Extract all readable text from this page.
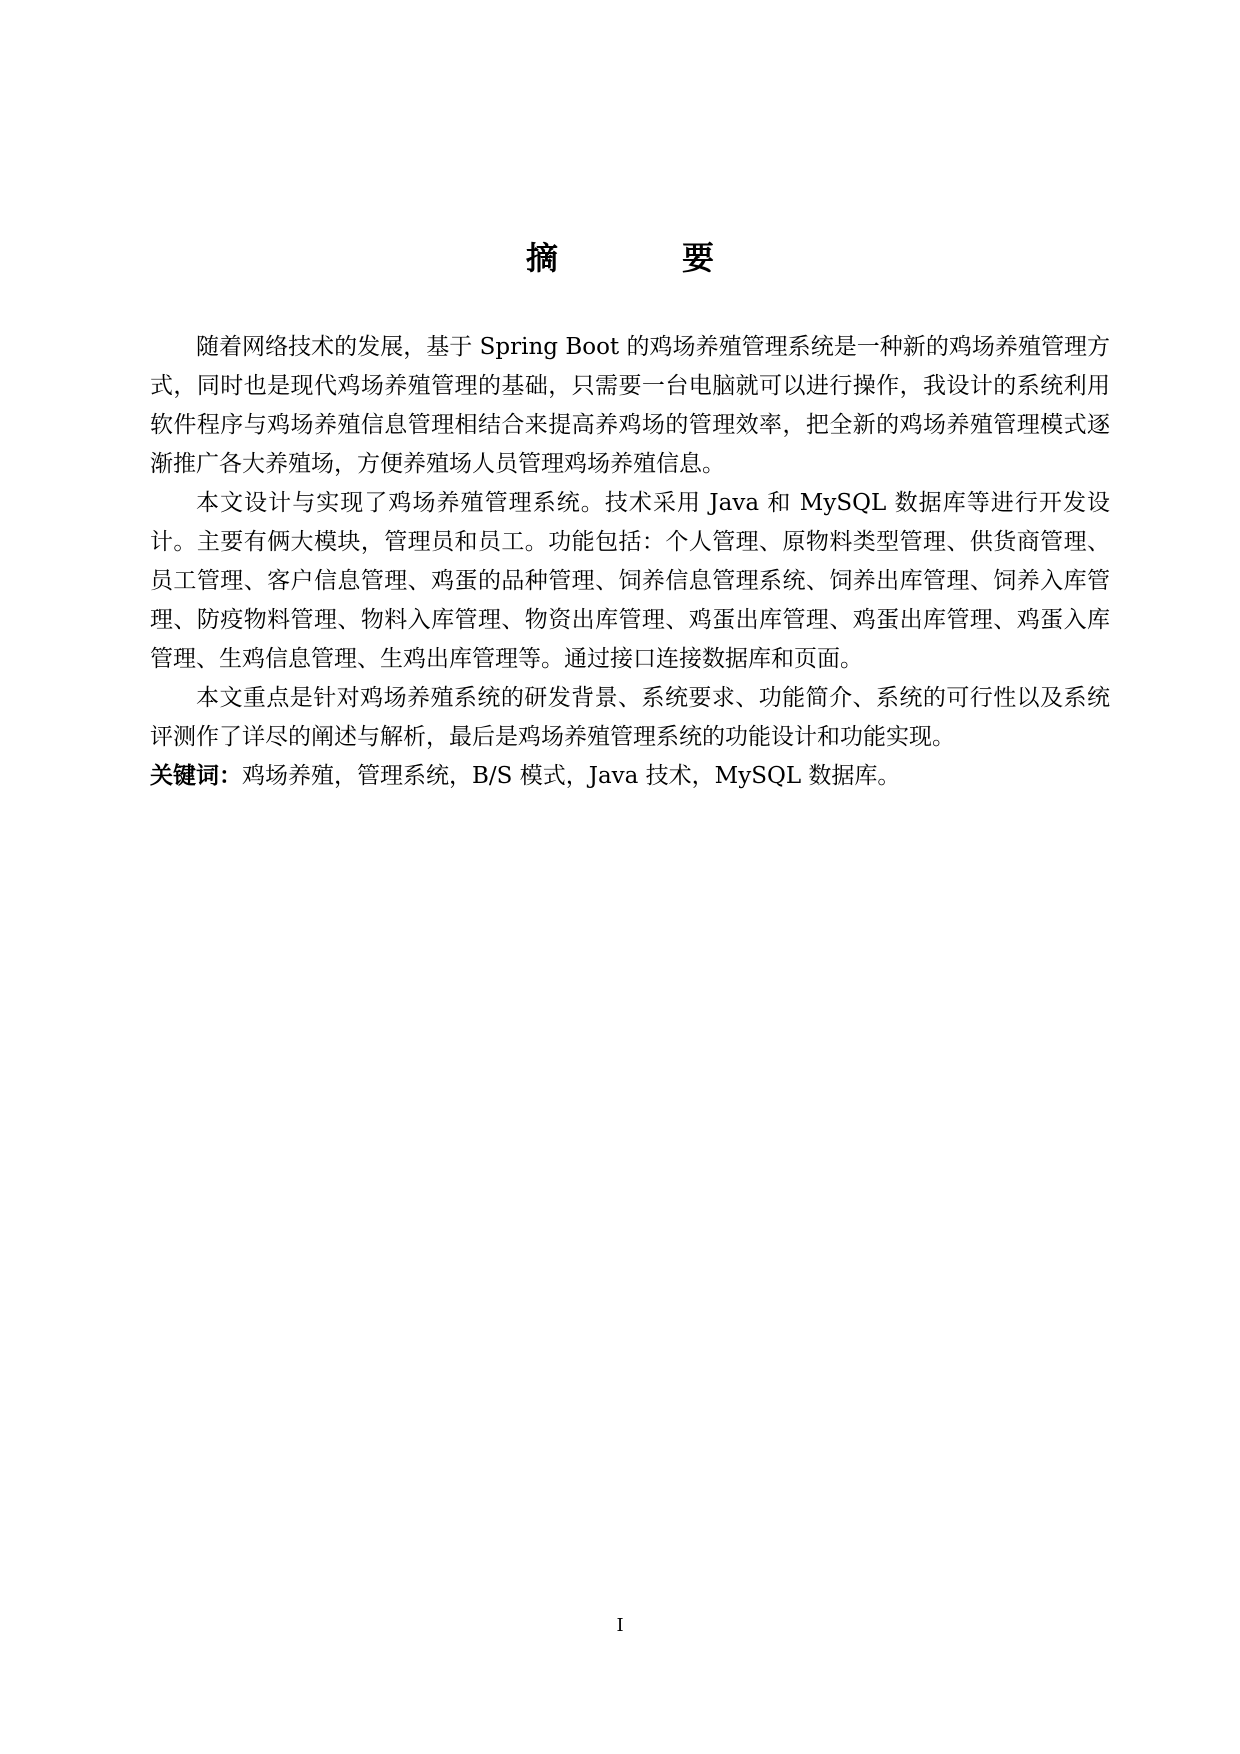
摘　要

随着网络技术的发展，基于 Spring Boot 的鸡场养殖管理系统是一种新的鸡场养殖管理方式，同时也是现代鸡场养殖管理的基础，只需要一台电脑就可以进行操作，我设计的系统利用软件程序与鸡场养殖信息管理相结合来提高养鸡场的管理效率，把全新的鸡场养殖管理模式逐渐推广各大养殖场，方便养殖场人员管理鸡场养殖信息。

本文设计与实现了鸡场养殖管理系统。技术采用 Java 和 MySQL 数据库等进行开发设计。主要有俩大模块，管理员和员工。功能包括：个人管理、原物料类型管理、供货商管理、员工管理、客户信息管理、鸡蛋的品种管理、饲养信息管理系统、饲养出库管理、饲养入库管理、防疫物料管理、物料入库管理、物资出库管理、鸡蛋出库管理、鸡蛋出库管理、鸡蛋入库管理、生鸡信息管理、生鸡出库管理等。通过接口连接数据库和页面。

本文重点是针对鸡场养殖系统的研发背景、系统要求、功能简介、系统的可行性以及系统评测作了详尽的阐述与解析，最后是鸡场养殖管理系统的功能设计和功能实现。

关键词：鸡场养殖，管理系统，B/S 模式，Java 技术，MySQL 数据库。

I
